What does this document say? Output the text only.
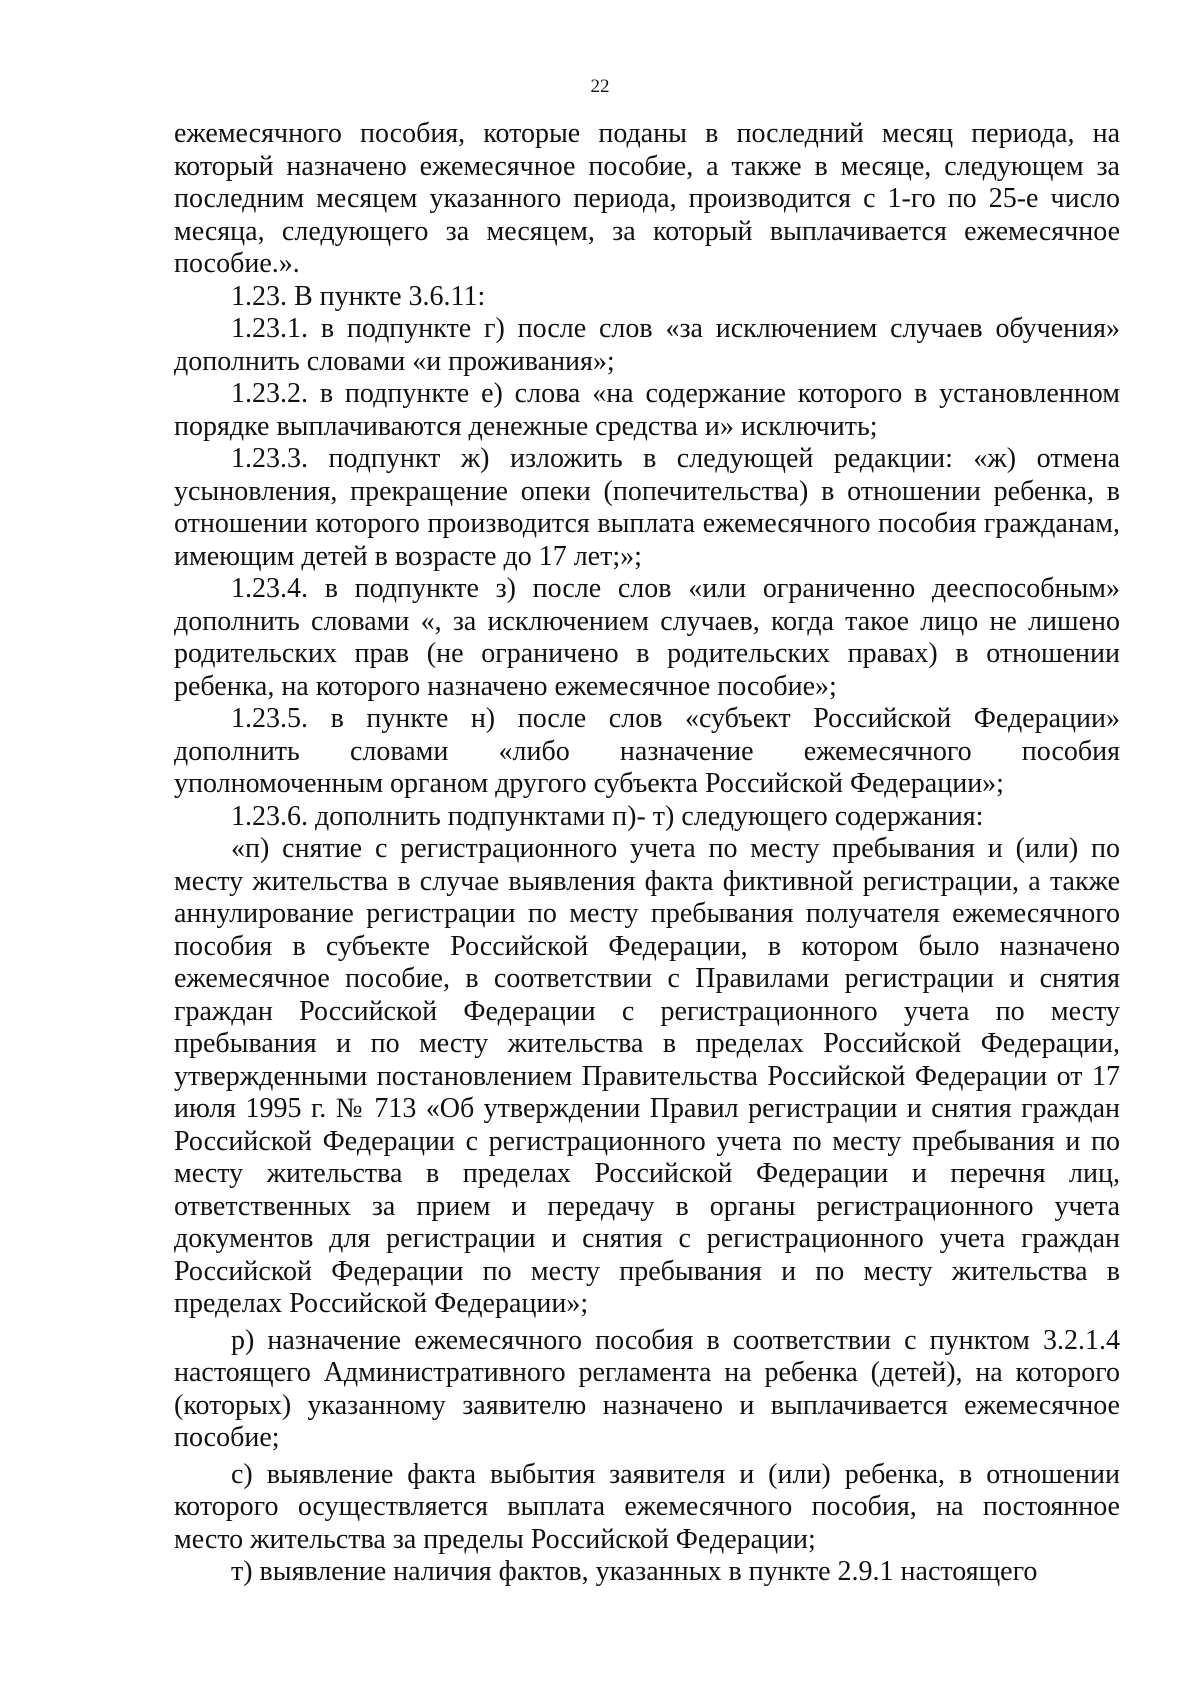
22

ежемесячного пособия, которые поданы в последний месяц периода, на который назначено ежемесячное пособие, а также в месяце, следующем за последним месяцем указанного периода, производится с 1-го по 25-е число месяца, следующего за месяцем, за который выплачивается ежемесячное пособие.».

1.23. В пункте 3.6.11:

1.23.1. в подпункте г) после слов «за исключением случаев обучения» дополнить словами «и проживания»;

1.23.2. в подпункте е) слова «на содержание которого в установленном порядке выплачиваются денежные средства и» исключить;

1.23.3. подпункт ж) изложить в следующей редакции: «ж) отмена усыновления, прекращение опеки (попечительства) в отношении ребенка, в отношении которого производится выплата ежемесячного пособия гражданам, имеющим детей в возрасте до 17 лет;»;

1.23.4. в подпункте з) после слов «или ограниченно дееспособным» дополнить словами «, за исключением случаев, когда такое лицо не лишено родительских прав (не ограничено в родительских правах) в отношении ребенка, на которого назначено ежемесячное пособие»;

1.23.5. в пункте н) после слов «субъект Российской Федерации» дополнить словами «либо назначение ежемесячного пособия уполномоченным органом другого субъекта Российской Федерации»;

1.23.6. дополнить подпунктами п)- т) следующего содержания:

«п) снятие с регистрационного учета по месту пребывания и (или) по месту жительства в случае выявления факта фиктивной регистрации, а также аннулирование регистрации по месту пребывания получателя ежемесячного пособия в субъекте Российской Федерации, в котором было назначено ежемесячное пособие, в соответствии с Правилами регистрации и снятия граждан Российской Федерации с регистрационного учета по месту пребывания и по месту жительства в пределах Российской Федерации, утвержденными постановлением Правительства Российской Федерации от 17 июля 1995 г. № 713 «Об утверждении Правил регистрации и снятия граждан Российской Федерации с регистрационного учета по месту пребывания и по месту жительства в пределах Российской Федерации и перечня лиц, ответственных за прием и передачу в органы регистрационного учета документов для регистрации и снятия с регистрационного учета граждан Российской Федерации по месту пребывания и по месту жительства в пределах Российской Федерации»;

р) назначение ежемесячного пособия в соответствии с пунктом 3.2.1.4 настоящего Административного регламента на ребенка (детей), на которого (которых) указанному заявителю назначено и выплачивается ежемесячное пособие;

с) выявление факта выбытия заявителя и (или) ребенка, в отношении которого осуществляется выплата ежемесячного пособия, на постоянное место жительства за пределы Российской Федерации;

т) выявление наличия фактов, указанных в пункте 2.9.1 настоящего
